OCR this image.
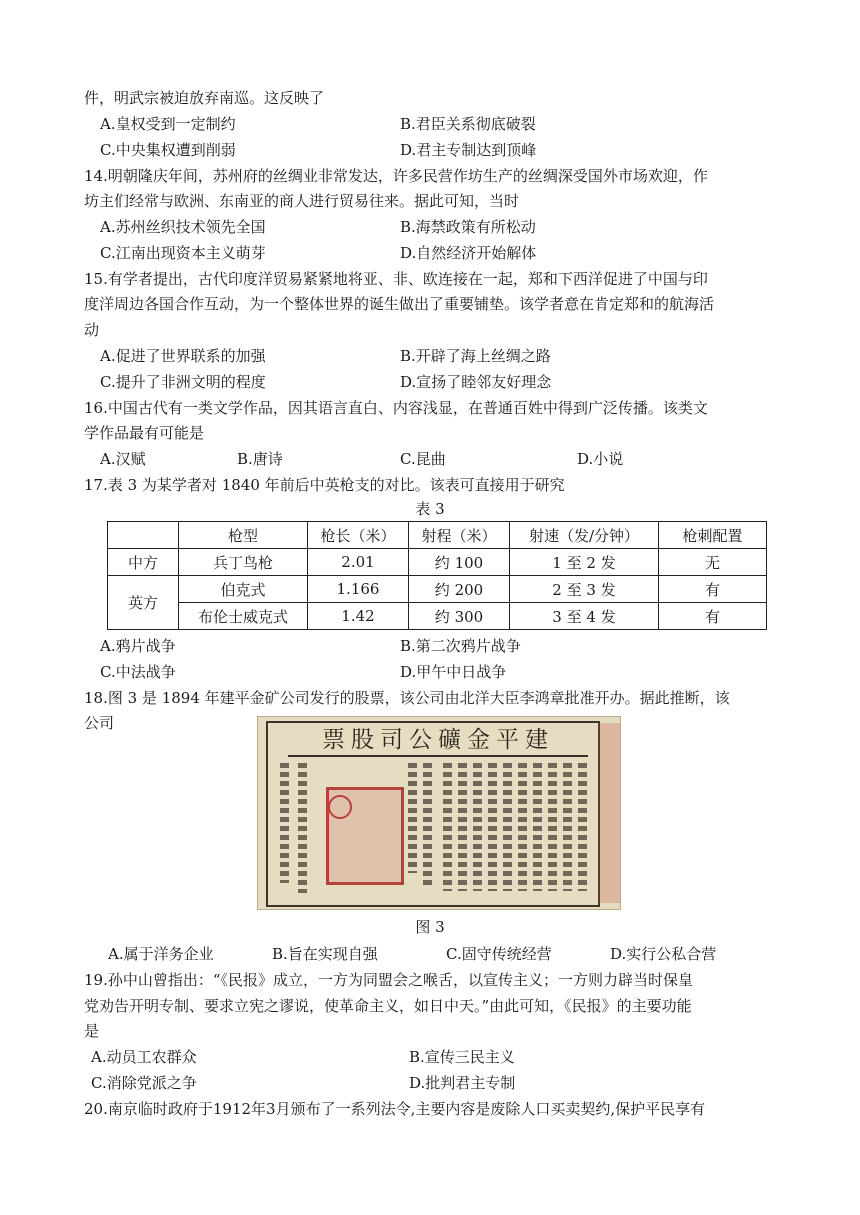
件，明武宗被迫放弃南巡。这反映了
A.皇权受到一定制约	B.君臣关系彻底破裂
C.中央集权遭到削弱	D.君主专制达到顶峰
14.明朝隆庆年间，苏州府的丝绸业非常发达，许多民营作坊生产的丝绸深受国外市场欢迎，作
坊主们经常与欧洲、东南亚的商人进行贸易往来。据此可知，当时
A.苏州丝织技术领先全国	B.海禁政策有所松动
C.江南出现资本主义萌芽	D.自然经济开始解体
15.有学者提出，古代印度洋贸易紧紧地将亚、非、欧连接在一起，郑和下西洋促进了中国与印
度洋周边各国合作互动，为一个整体世界的诞生做出了重要铺垫。该学者意在肯定郑和的航海活
动
A.促进了世界联系的加强	B.开辟了海上丝绸之路
C.提升了非洲文明的程度	D.宣扬了睦邻友好理念
16.中国古代有一类文学作品，因其语言直白、内容浅显，在普通百姓中得到广泛传播。该类文
学作品最有可能是
A.汉赋	B.唐诗	C.昆曲	D.小说
17.表 3 为某学者对 1840 年前后中英枪支的对比。该表可直接用于研究
表 3
	枪型	枪长（米）	射程（米）	射速（发/分钟）	枪刺配置
中方	兵丁鸟枪	2.01	约 100	1 至 2 发	无
英方	伯克式	1.166	约 200	2 至 3 发	有
	布伦士威克式	1.42	约 300	3 至 4 发	有
A.鸦片战争	B.第二次鸦片战争
C.中法战争	D.甲午中日战争
18.图 3 是 1894 年建平金矿公司发行的股票，该公司由北洋大臣李鸿章批准开办。据此推断，该
公司
票股司公礦金平建
图 3
A.属于洋务企业	B.旨在实现自强	C.固守传统经营	D.实行公私合营
19.孙中山曾指出：“《民报》成立，一方为同盟会之喉舌，以宣传主义；一方则力辟当时保皇
党劝告开明专制、要求立宪之谬说，使革命主义，如日中天。”由此可知，《民报》的主要功能
是
A.动员工农群众	B.宣传三民主义
C.消除党派之争	D.批判君主专制
20.南京临时政府于1912年3月颁布了一系列法令,主要内容是废除人口买卖契约,保护平民享有
